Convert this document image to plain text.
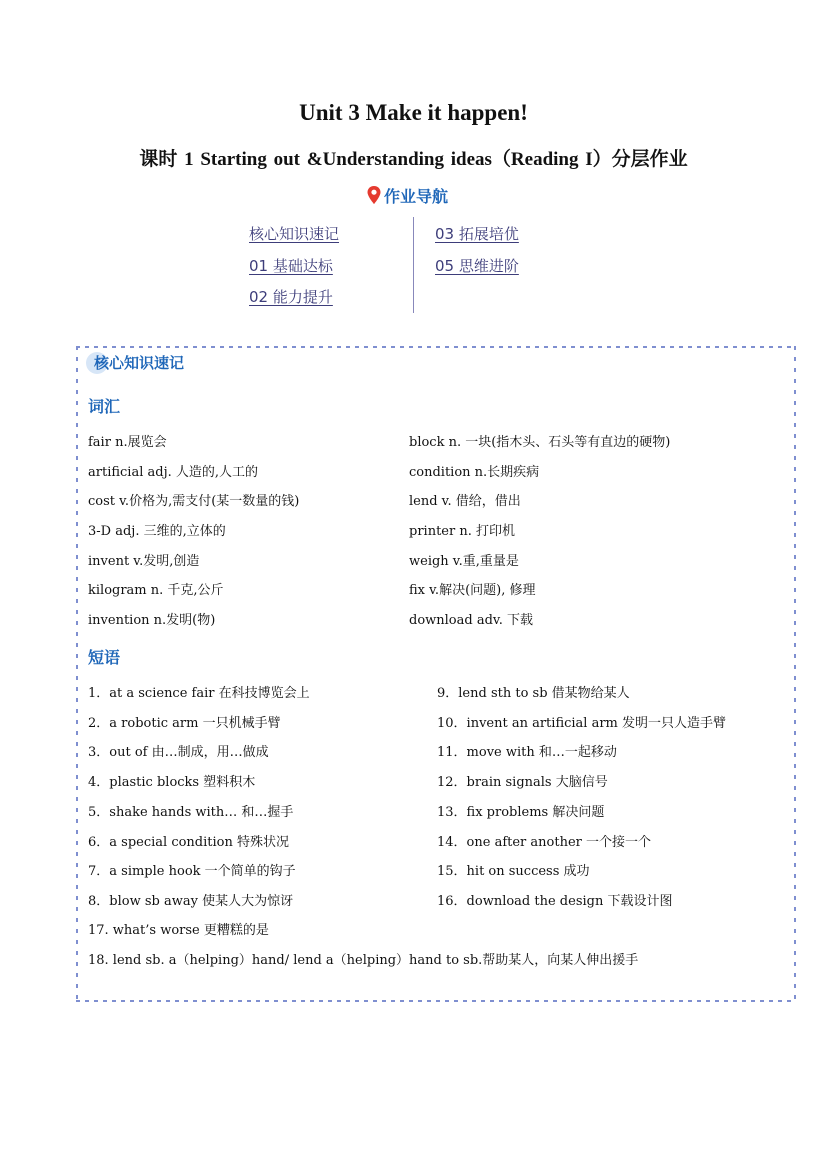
Unit 3 Make it happen!
课时 1 Starting out &Understanding ideas（Reading I）分层作业
作业导航
核心知识速记
01 基础达标
02 能力提升
03 拓展培优
05 思维进阶
核心知识速记
词汇
fair n.展览会
artificial adj. 人造的,人工的
cost v.价格为,需支付(某一数量的钱)
3-D adj. 三维的,立体的
invent v.发明,创造
kilogram n. 千克,公斤
invention n.发明(物)
block n. 一块(指木头、石头等有直边的硬物)
condition n.长期疾病
lend v. 借给，借出
printer n. 打印机
weigh v.重,重量是
fix v.解决(问题), 修理
download adv. 下载
短语
1．at a science fair 在科技博览会上
2．a robotic arm 一只机械手臂
3．out of 由…制成，用…做成
4．plastic blocks 塑料积木
5．shake hands with… 和…握手
6．a special condition 特殊状况
7．a simple hook 一个简单的钩子
8．blow sb away 使某人大为惊讶
9．lend sth to sb 借某物给某人
10．invent an artificial arm 发明一只人造手臂
11．move with 和…一起移动
12．brain signals 大脑信号
13．fix problems 解决问题
14．one after another 一个接一个
15．hit on success 成功
16．download the design 下载设计图
17. what’s worse 更糟糕的是
18. lend sb. a（helping）hand/ lend a（helping）hand to sb.帮助某人，向某人伸出援手
